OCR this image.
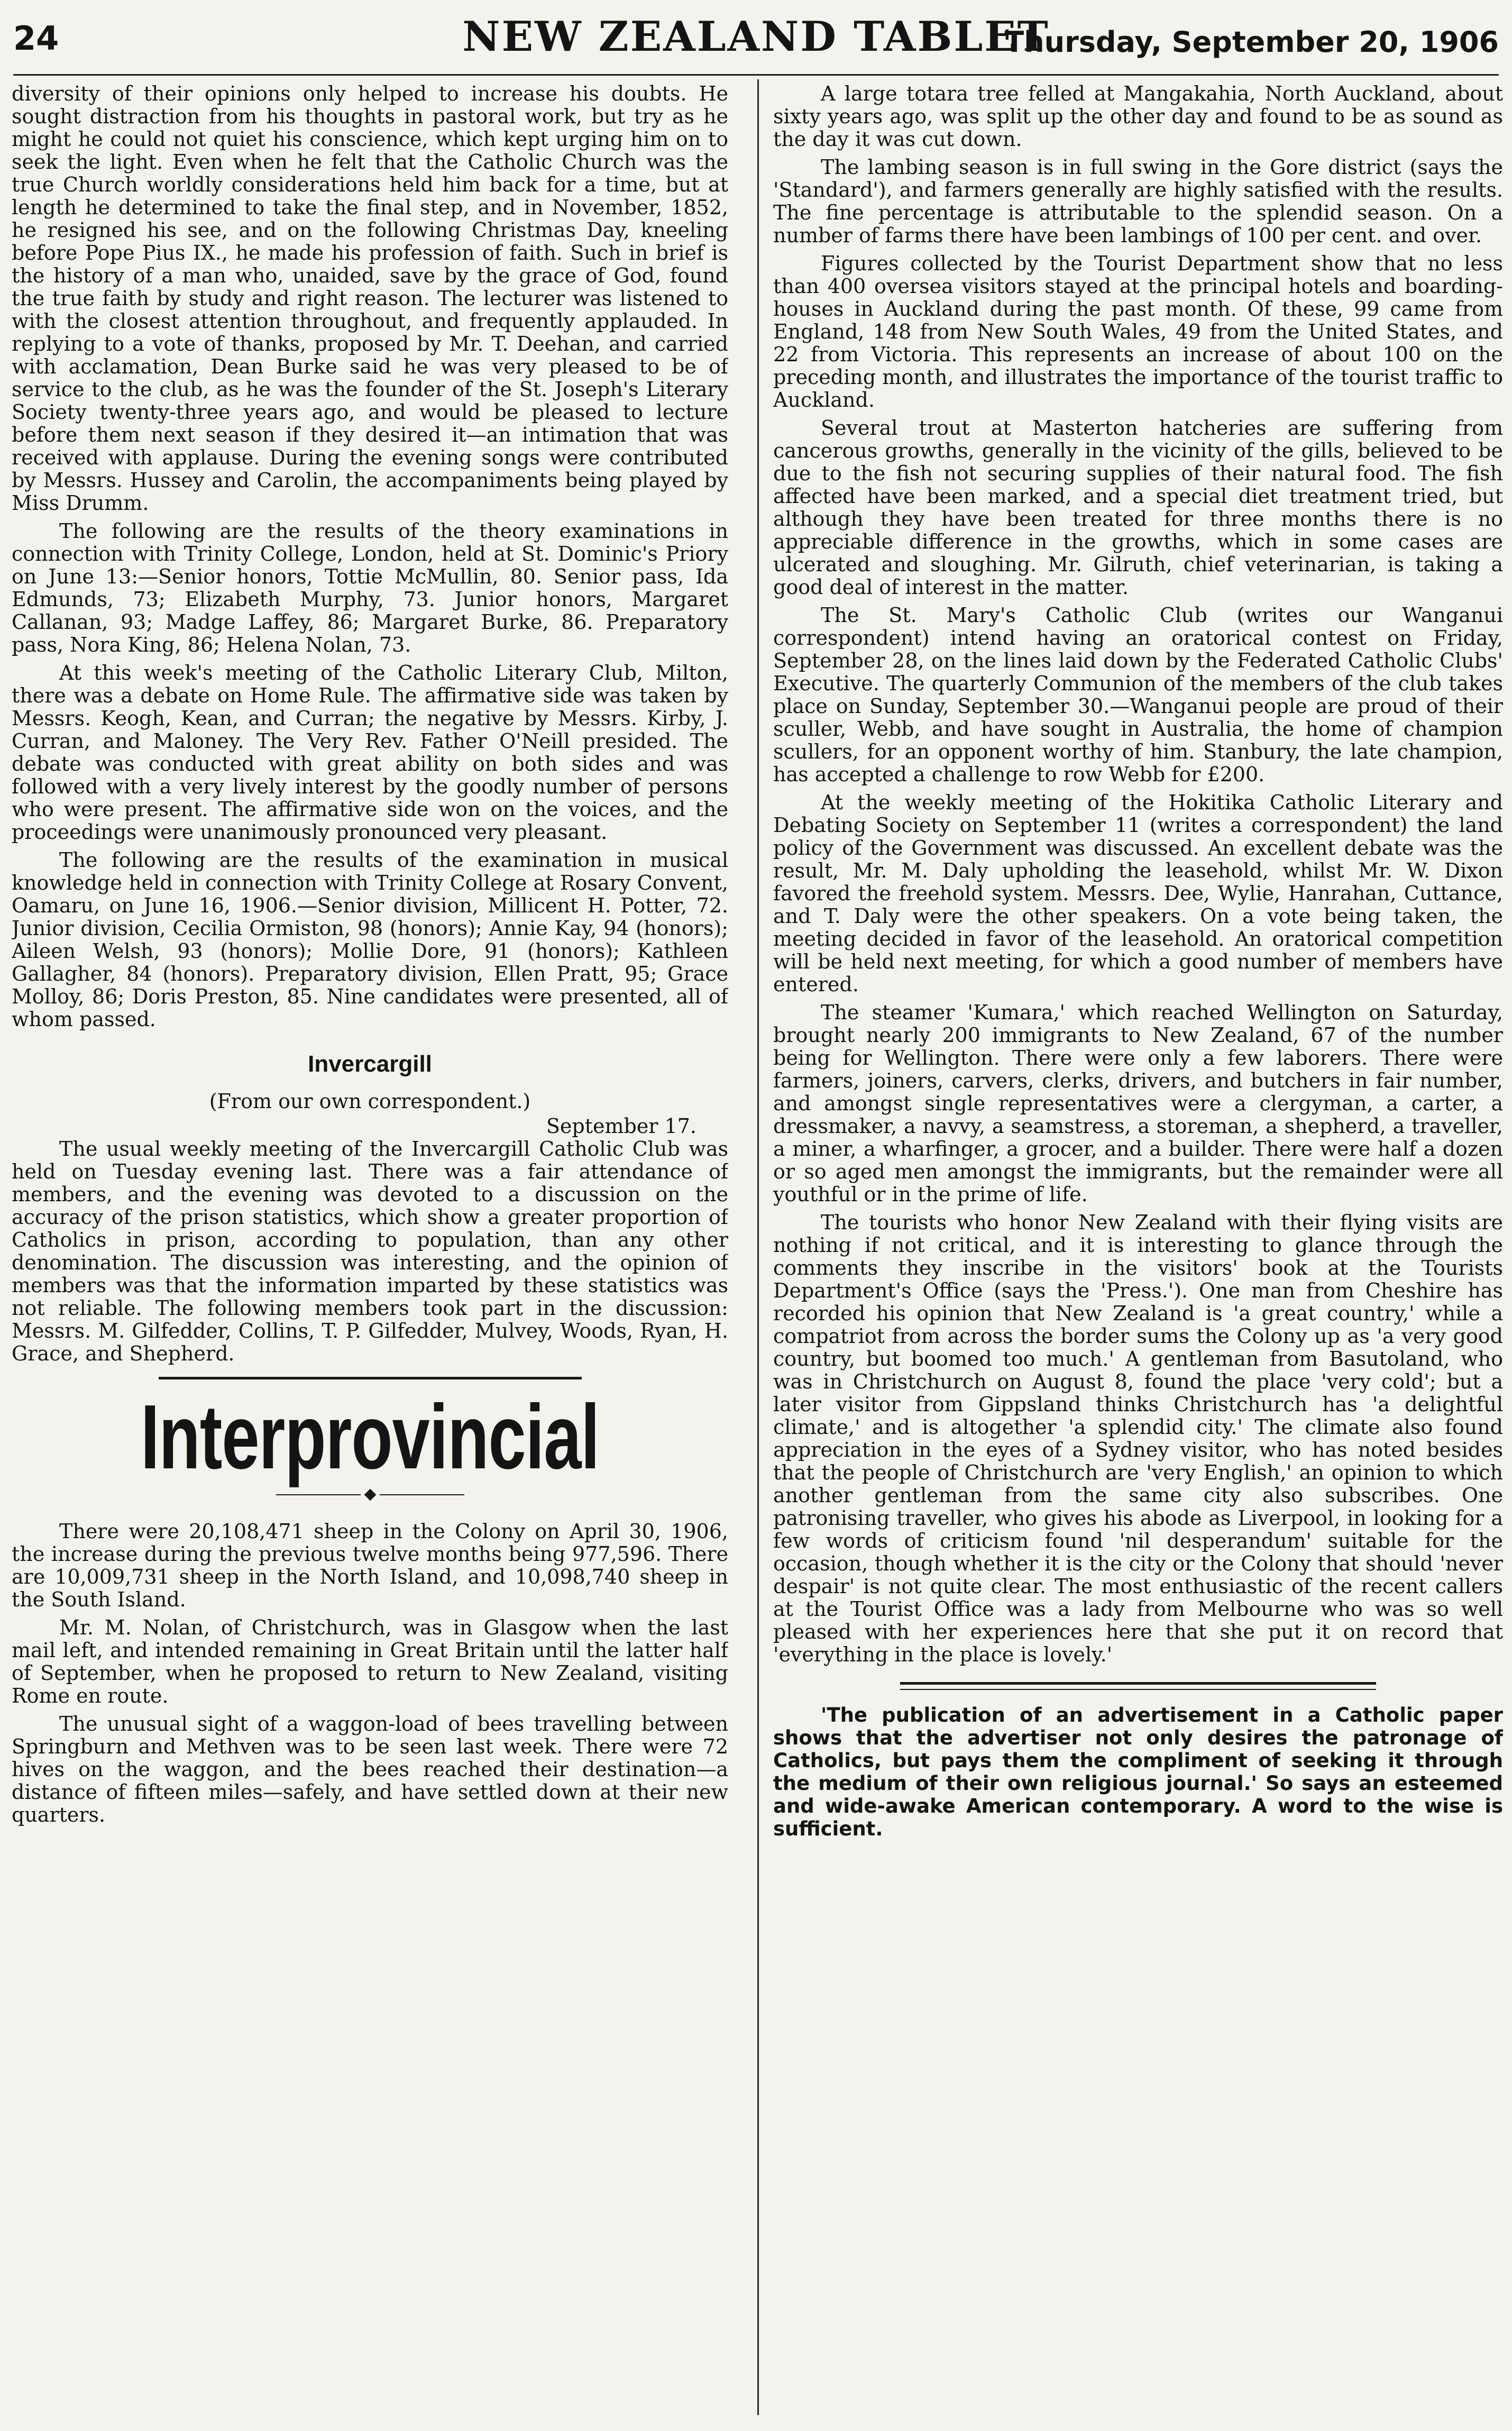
24	NEW ZEALAND TABLET
Thursday, September 20, 1906

diversity of their opinions only helped to increase his doubts. He sought distraction from his thoughts in pastoral work, but try as he might he could not quiet his conscience, which kept urging him on to seek the light. Even when he felt that the Catholic Church was the true Church worldly considerations held him back for a time, but at length he determined to take the final step, and in November, 1852, he resigned his see, and on the following Christmas Day, kneeling before Pope Pius IX., he made his profession of faith. Such in brief is the history of a man who, unaided, save by the grace of God, found the true faith by study and right reason. The lecturer was listened to with the closest attention throughout, and frequently applauded. In replying to a vote of thanks, proposed by Mr. T. Deehan, and carried with acclamation, Dean Burke said he was very pleased to be of service to the club, as he was the founder of the St. Joseph's Literary Society twenty-three years ago, and would be pleased to lecture before them next season if they desired it—an intimation that was received with applause. During the evening songs were contributed by Messrs. Hussey and Carolin, the accompaniments being played by Miss Drumm.

The following are the results of the theory examinations in connection with Trinity College, London, held at St. Dominic's Priory on June 13:—Senior honors, Tottie McMullin, 80. Senior pass, Ida Edmunds, 73; Elizabeth Murphy, 73. Junior honors, Margaret Callanan, 93; Madge Laffey, 86; Margaret Burke, 86. Preparatory pass, Nora King, 86; Helena Nolan, 73.

At this week's meeting of the Catholic Literary Club, Milton, there was a debate on Home Rule. The affirmative side was taken by Messrs. Keogh, Kean, and Curran; the negative by Messrs. Kirby, J. Curran, and Maloney. The Very Rev. Father O'Neill presided. The debate was conducted with great ability on both sides and was followed with a very lively interest by the goodly number of persons who were present. The affirmative side won on the voices, and the proceedings were unanimously pronounced very pleasant.

The following are the results of the examination in musical knowledge held in connection with Trinity College at Rosary Convent, Oamaru, on June 16, 1906.—Senior division, Millicent H. Potter, 72. Junior division, Cecilia Ormiston, 98 (honors); Annie Kay, 94 (honors); Aileen Welsh, 93 (honors); Mollie Dore, 91 (honors); Kathleen Gallagher, 84 (honors). Preparatory division, Ellen Pratt, 95; Grace Molloy, 86; Doris Preston, 85. Nine candidates were presented, all of whom passed.

Invercargill
(From our own correspondent.)
September 17.

The usual weekly meeting of the Invercargill Catholic Club was held on Tuesday evening last. There was a fair attendance of members, and the evening was devoted to a discussion on the accuracy of the prison statistics, which show a greater proportion of Catholics in prison, according to population, than any other denomination. The discussion was interesting, and the opinion of members was that the information imparted by these statistics was not reliable. The following members took part in the discussion: Messrs. M. Gilfedder, Collins, T. P. Gilfedder, Mulvey, Woods, Ryan, H. Grace, and Shepherd.

Interprovincial

There were 20,108,471 sheep in the Colony on April 30, 1906, the increase during the previous twelve months being 977,596. There are 10,009,731 sheep in the North Island, and 10,098,740 sheep in the South Island.

Mr. M. Nolan, of Christchurch, was in Glasgow when the last mail left, and intended remaining in Great Britain until the latter half of September, when he proposed to return to New Zealand, visiting Rome en route.

The unusual sight of a waggon-load of bees travelling between Springburn and Methven was to be seen last week. There were 72 hives on the waggon, and the bees reached their destination—a distance of fifteen miles—safely, and have settled down at their new quarters.

A large totara tree felled at Mangakahia, North Auckland, about sixty years ago, was split up the other day and found to be as sound as the day it was cut down.

The lambing season is in full swing in the Gore district (says the 'Standard'), and farmers generally are highly satisfied with the results. The fine percentage is attributable to the splendid season. On a number of farms there have been lambings of 100 per cent. and over.

Figures collected by the Tourist Department show that no less than 400 oversea visitors stayed at the principal hotels and boarding-houses in Auckland during the past month. Of these, 99 came from England, 148 from New South Wales, 49 from the United States, and 22 from Victoria. This represents an increase of about 100 on the preceding month, and illustrates the importance of the tourist traffic to Auckland.

Several trout at Masterton hatcheries are suffering from cancerous growths, generally in the vicinity of the gills, believed to be due to the fish not securing supplies of their natural food. The fish affected have been marked, and a special diet treatment tried, but although they have been treated for three months there is no appreciable difference in the growths, which in some cases are ulcerated and sloughing. Mr. Gilruth, chief veterinarian, is taking a good deal of interest in the matter.

The St. Mary's Catholic Club (writes our Wanganui correspondent) intend having an oratorical contest on Friday, September 28, on the lines laid down by the Federated Catholic Clubs' Executive. The quarterly Communion of the members of the club takes place on Sunday, September 30.—Wanganui people are proud of their sculler, Webb, and have sought in Australia, the home of champion scullers, for an opponent worthy of him. Stanbury, the late champion, has accepted a challenge to row Webb for £200.

At the weekly meeting of the Hokitika Catholic Literary and Debating Society on September 11 (writes a correspondent) the land policy of the Government was discussed. An excellent debate was the result, Mr. M. Daly upholding the leasehold, whilst Mr. W. Dixon favored the freehold system. Messrs. Dee, Wylie, Hanrahan, Cuttance, and T. Daly were the other speakers. On a vote being taken, the meeting decided in favor of the leasehold. An oratorical competition will be held next meeting, for which a good number of members have entered.

The steamer 'Kumara,' which reached Wellington on Saturday, brought nearly 200 immigrants to New Zealand, 67 of the number being for Wellington. There were only a few laborers. There were farmers, joiners, carvers, clerks, drivers, and butchers in fair number, and amongst single representatives were a clergyman, a carter, a dressmaker, a navvy, a seamstress, a storeman, a shepherd, a traveller, a miner, a wharfinger, a grocer, and a builder. There were half a dozen or so aged men amongst the immigrants, but the remainder were all youthful or in the prime of life.

The tourists who honor New Zealand with their flying visits are nothing if not critical, and it is interesting to glance through the comments they inscribe in the visitors' book at the Tourists Department's Office (says the 'Press.'). One man from Cheshire has recorded his opinion that New Zealand is 'a great country,' while a compatriot from across the border sums the Colony up as 'a very good country, but boomed too much.' A gentleman from Basutoland, who was in Christchurch on August 8, found the place 'very cold'; but a later visitor from Gippsland thinks Christchurch has 'a delightful climate,' and is altogether 'a splendid city.' The climate also found appreciation in the eyes of a Sydney visitor, who has noted besides that the people of Christchurch are 'very English,' an opinion to which another gentleman from the same city also subscribes. One patronising traveller, who gives his abode as Liverpool, in looking for a few words of criticism found 'nil desperandum' suitable for the occasion, though whether it is the city or the Colony that should 'never despair' is not quite clear. The most enthusiastic of the recent callers at the Tourist Office was a lady from Melbourne who was so well pleased with her experiences here that she put it on record that 'everything in the place is lovely.'

'The publication of an advertisement in a Catholic paper shows that the advertiser not only desires the patronage of Catholics, but pays them the compliment of seeking it through the medium of their own religious journal.' So says an esteemed and wide-awake American contemporary. A word to the wise is sufficient.
